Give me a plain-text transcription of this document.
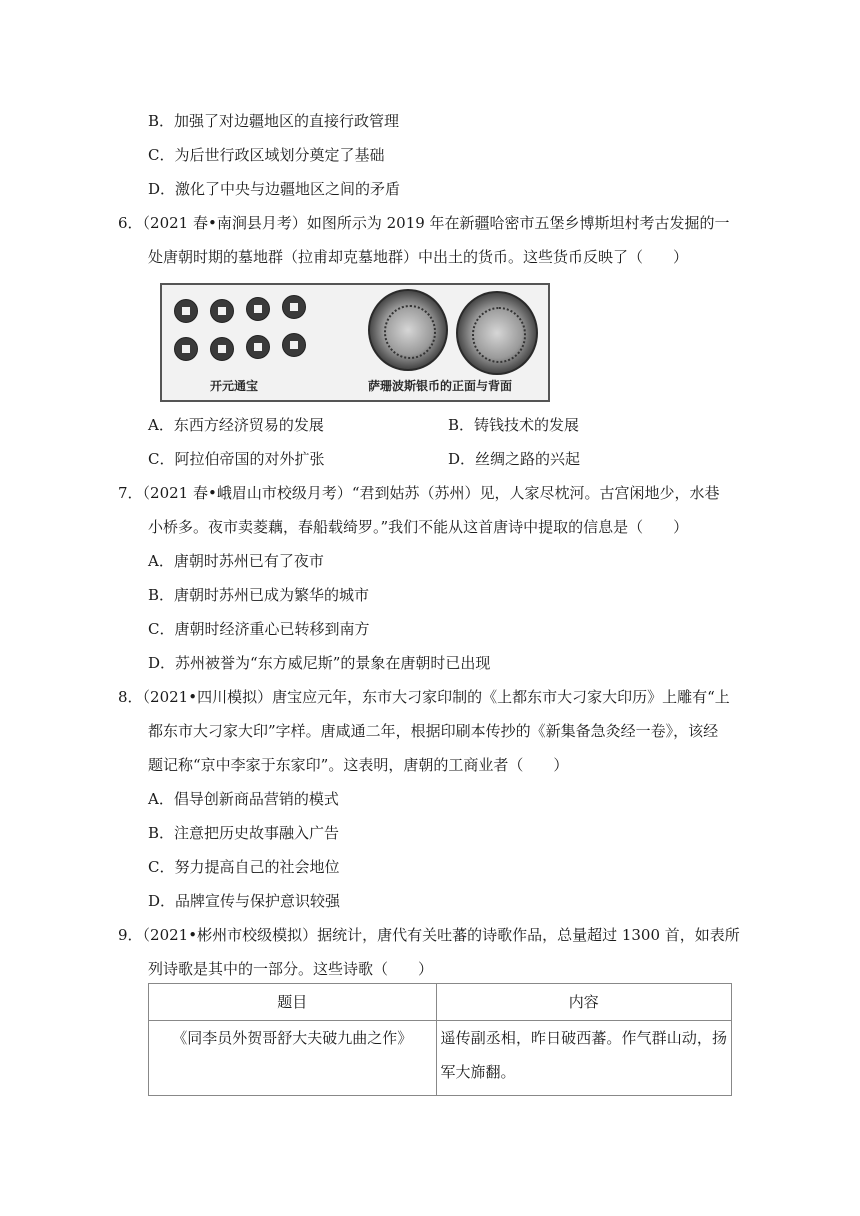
B．加强了对边疆地区的直接行政管理
C．为后世行政区域划分奠定了基础
D．激化了中央与边疆地区之间的矛盾
6．（2021 春•南涧县月考）如图所示为 2019 年在新疆哈密市五堡乡博斯坦村考古发掘的一
处唐朝时期的墓地群（拉甫却克墓地群）中出土的货币。这些货币反映了（　　）
开元通宝	萨珊波斯银币的正面与背面
A．东西方经济贸易的发展	B．铸钱技术的发展
C．阿拉伯帝国的对外扩张	D．丝绸之路的兴起
7．（2021 春•峨眉山市校级月考）“君到姑苏（苏州）见，人家尽枕河。古宫闲地少，水巷
小桥多。夜市卖菱藕，春船载绮罗。”我们不能从这首唐诗中提取的信息是（　　）
A．唐朝时苏州已有了夜市
B．唐朝时苏州已成为繁华的城市
C．唐朝时经济重心已转移到南方
D．苏州被誉为“东方威尼斯”的景象在唐朝时已出现
8．（2021•四川模拟）唐宝应元年，东市大刁家印制的《上都东市大刁家大印历》上雕有“上
都东市大刁家大印”字样。唐咸通二年，根据印刷本传抄的《新集备急灸经一卷》，该经
题记称“京中李家于东家印”。这表明，唐朝的工商业者（　　）
A．倡导创新商品营销的模式
B．注意把历史故事融入广告
C．努力提高自己的社会地位
D．品牌宣传与保护意识较强
9．（2021•彬州市校级模拟）据统计，唐代有关吐蕃的诗歌作品，总量超过 1300 首，如表所
列诗歌是其中的一部分。这些诗歌（　　）
题目	内容
《同李员外贺哥舒大夫破九曲之作》	遥传副丞相，昨日破西蕃。作气群山动，扬军大旆翻。
